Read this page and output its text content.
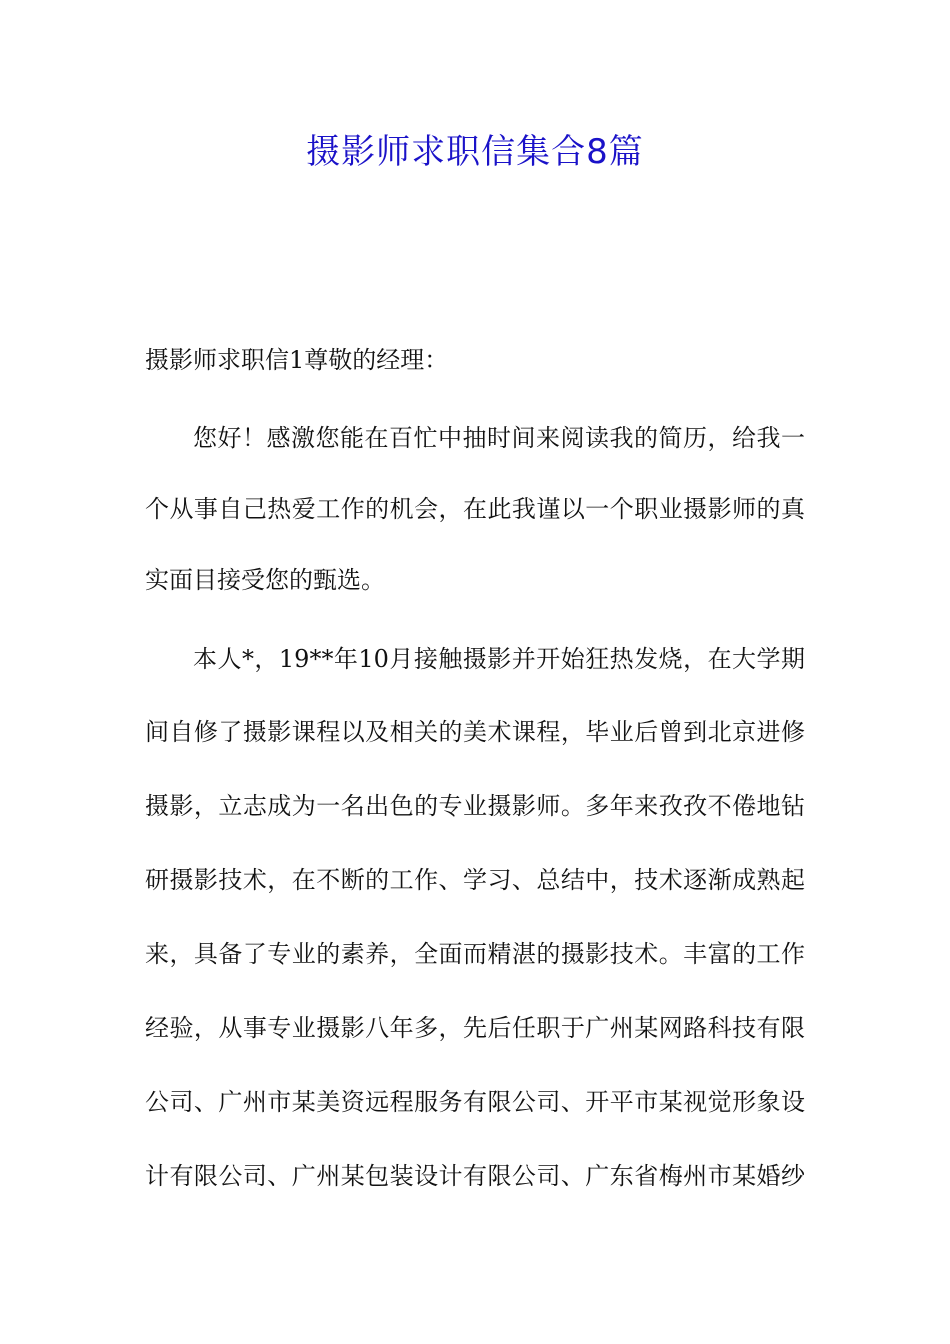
摄影师求职信集合8篇
摄影师求职信1尊敬的经理：
您好！感激您能在百忙中抽时间来阅读我的简历，给我一
个从事自己热爱工作的机会，在此我谨以一个职业摄影师的真
实面目接受您的甄选。
本人*，19**年10月接触摄影并开始狂热发烧，在大学期
间自修了摄影课程以及相关的美术课程，毕业后曾到北京进修
摄影，立志成为一名出色的专业摄影师。多年来孜孜不倦地钻
研摄影技术，在不断的工作、学习、总结中，技术逐渐成熟起
来，具备了专业的素养，全面而精湛的摄影技术。丰富的工作
经验，从事专业摄影八年多，先后任职于广州某网路科技有限
公司、广州市某美资远程服务有限公司、开平市某视觉形象设
计有限公司、广州某包装设计有限公司、广东省梅州市某婚纱
